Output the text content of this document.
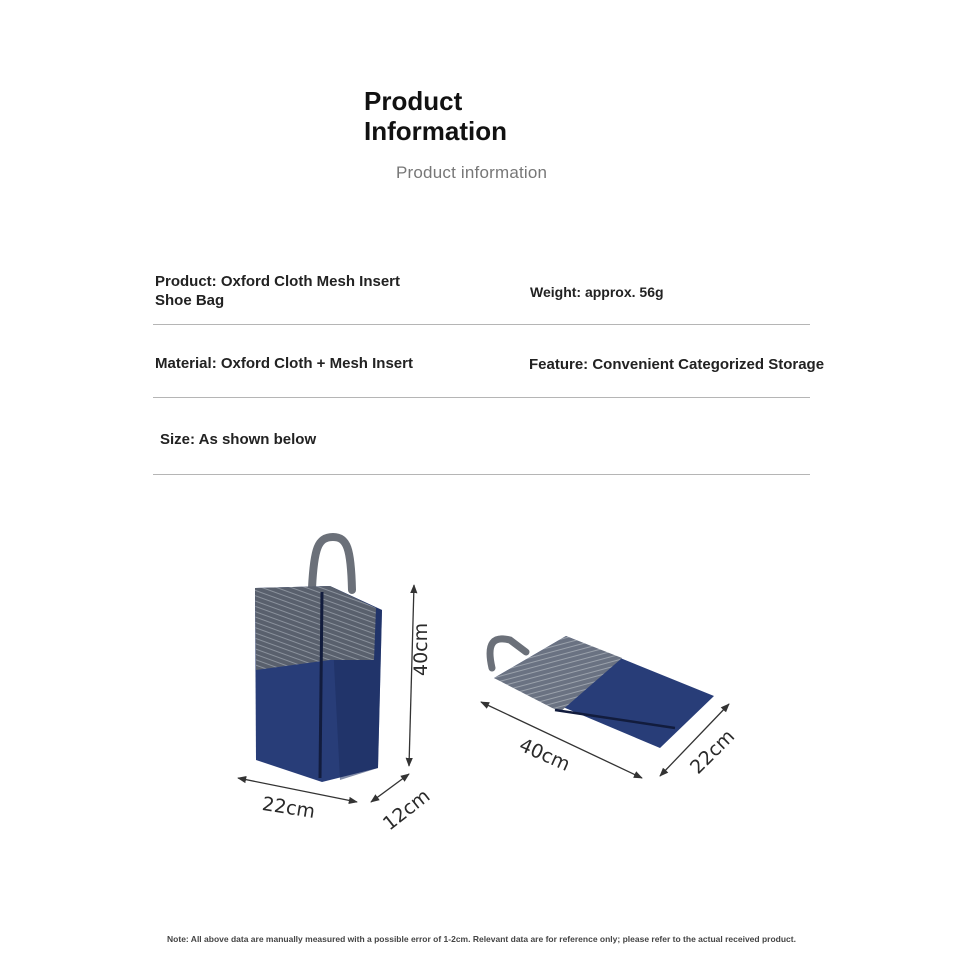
Product
Information
Product information
Product: Oxford Cloth Mesh Insert
Shoe Bag	Weight: approx. 56g
Material: Oxford Cloth + Mesh Insert	Feature: Convenient Categorized Storage
Size: As shown below
40cm
22cm	12cm
40cm	22cm
Note: All above data are manually measured with a possible error of 1-2cm. Relevant data are for reference only; please refer to the actual received product.
